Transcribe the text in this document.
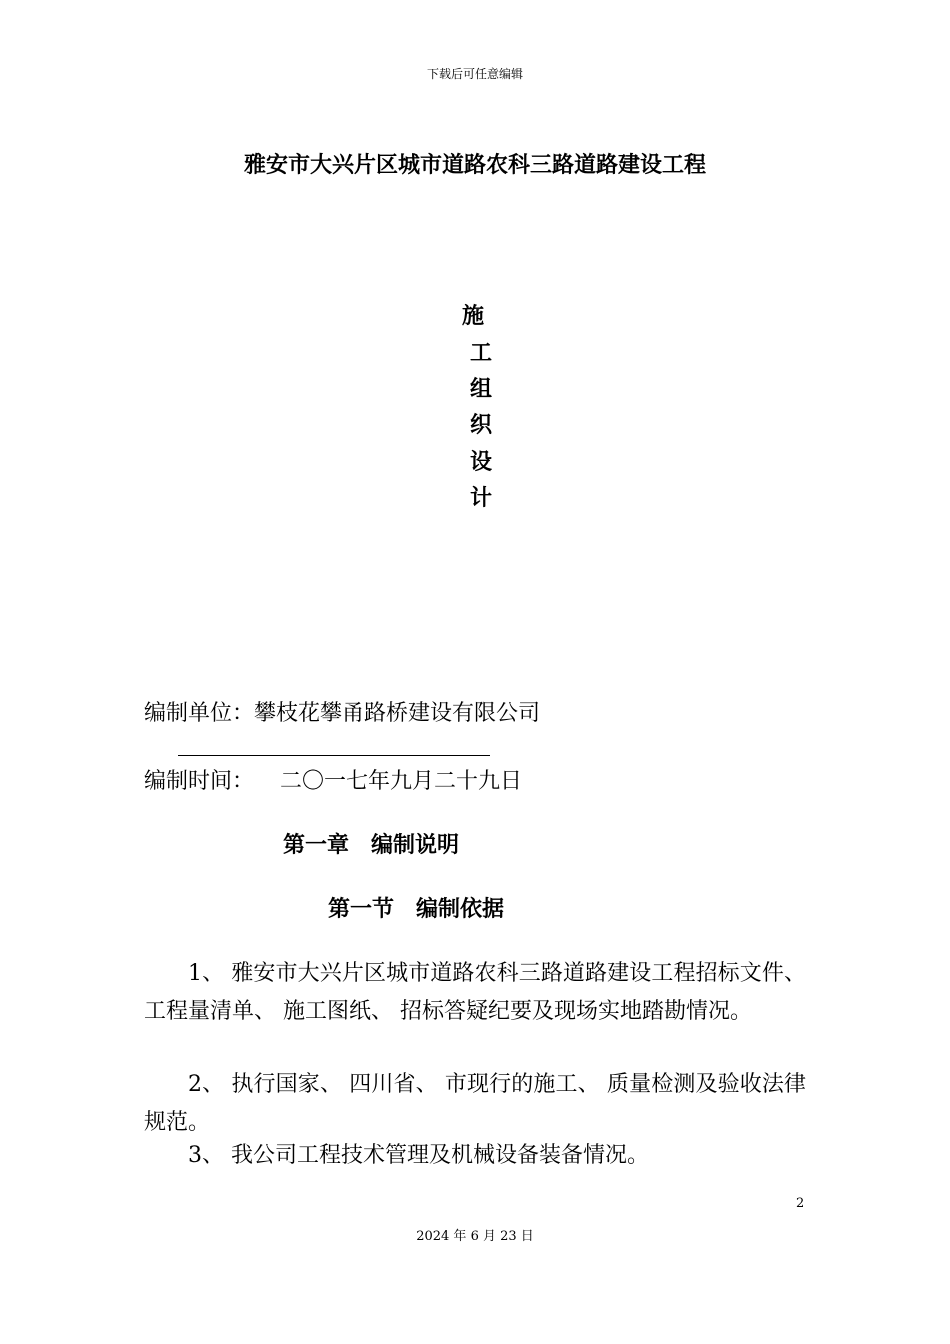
下载后可任意编辑
雅安市大兴片区城市道路农科三路道路建设工程
施
工
组
织
设
计
编制单位：攀枝花攀甬路桥建设有限公司
编制时间： 二〇一七年九月二十九日
第一章 编制说明
第一节 编制依据
1、 雅安市大兴片区城市道路农科三路道路建设工程招标文件、 工程量清单、 施工图纸、 招标答疑纪要及现场实地踏勘情况。
2、 执行国家、 四川省、 市现行的施工、 质量检测及验收法律规范。
3、 我公司工程技术管理及机械设备装备情况。
2
2024 年 6 月 23 日
